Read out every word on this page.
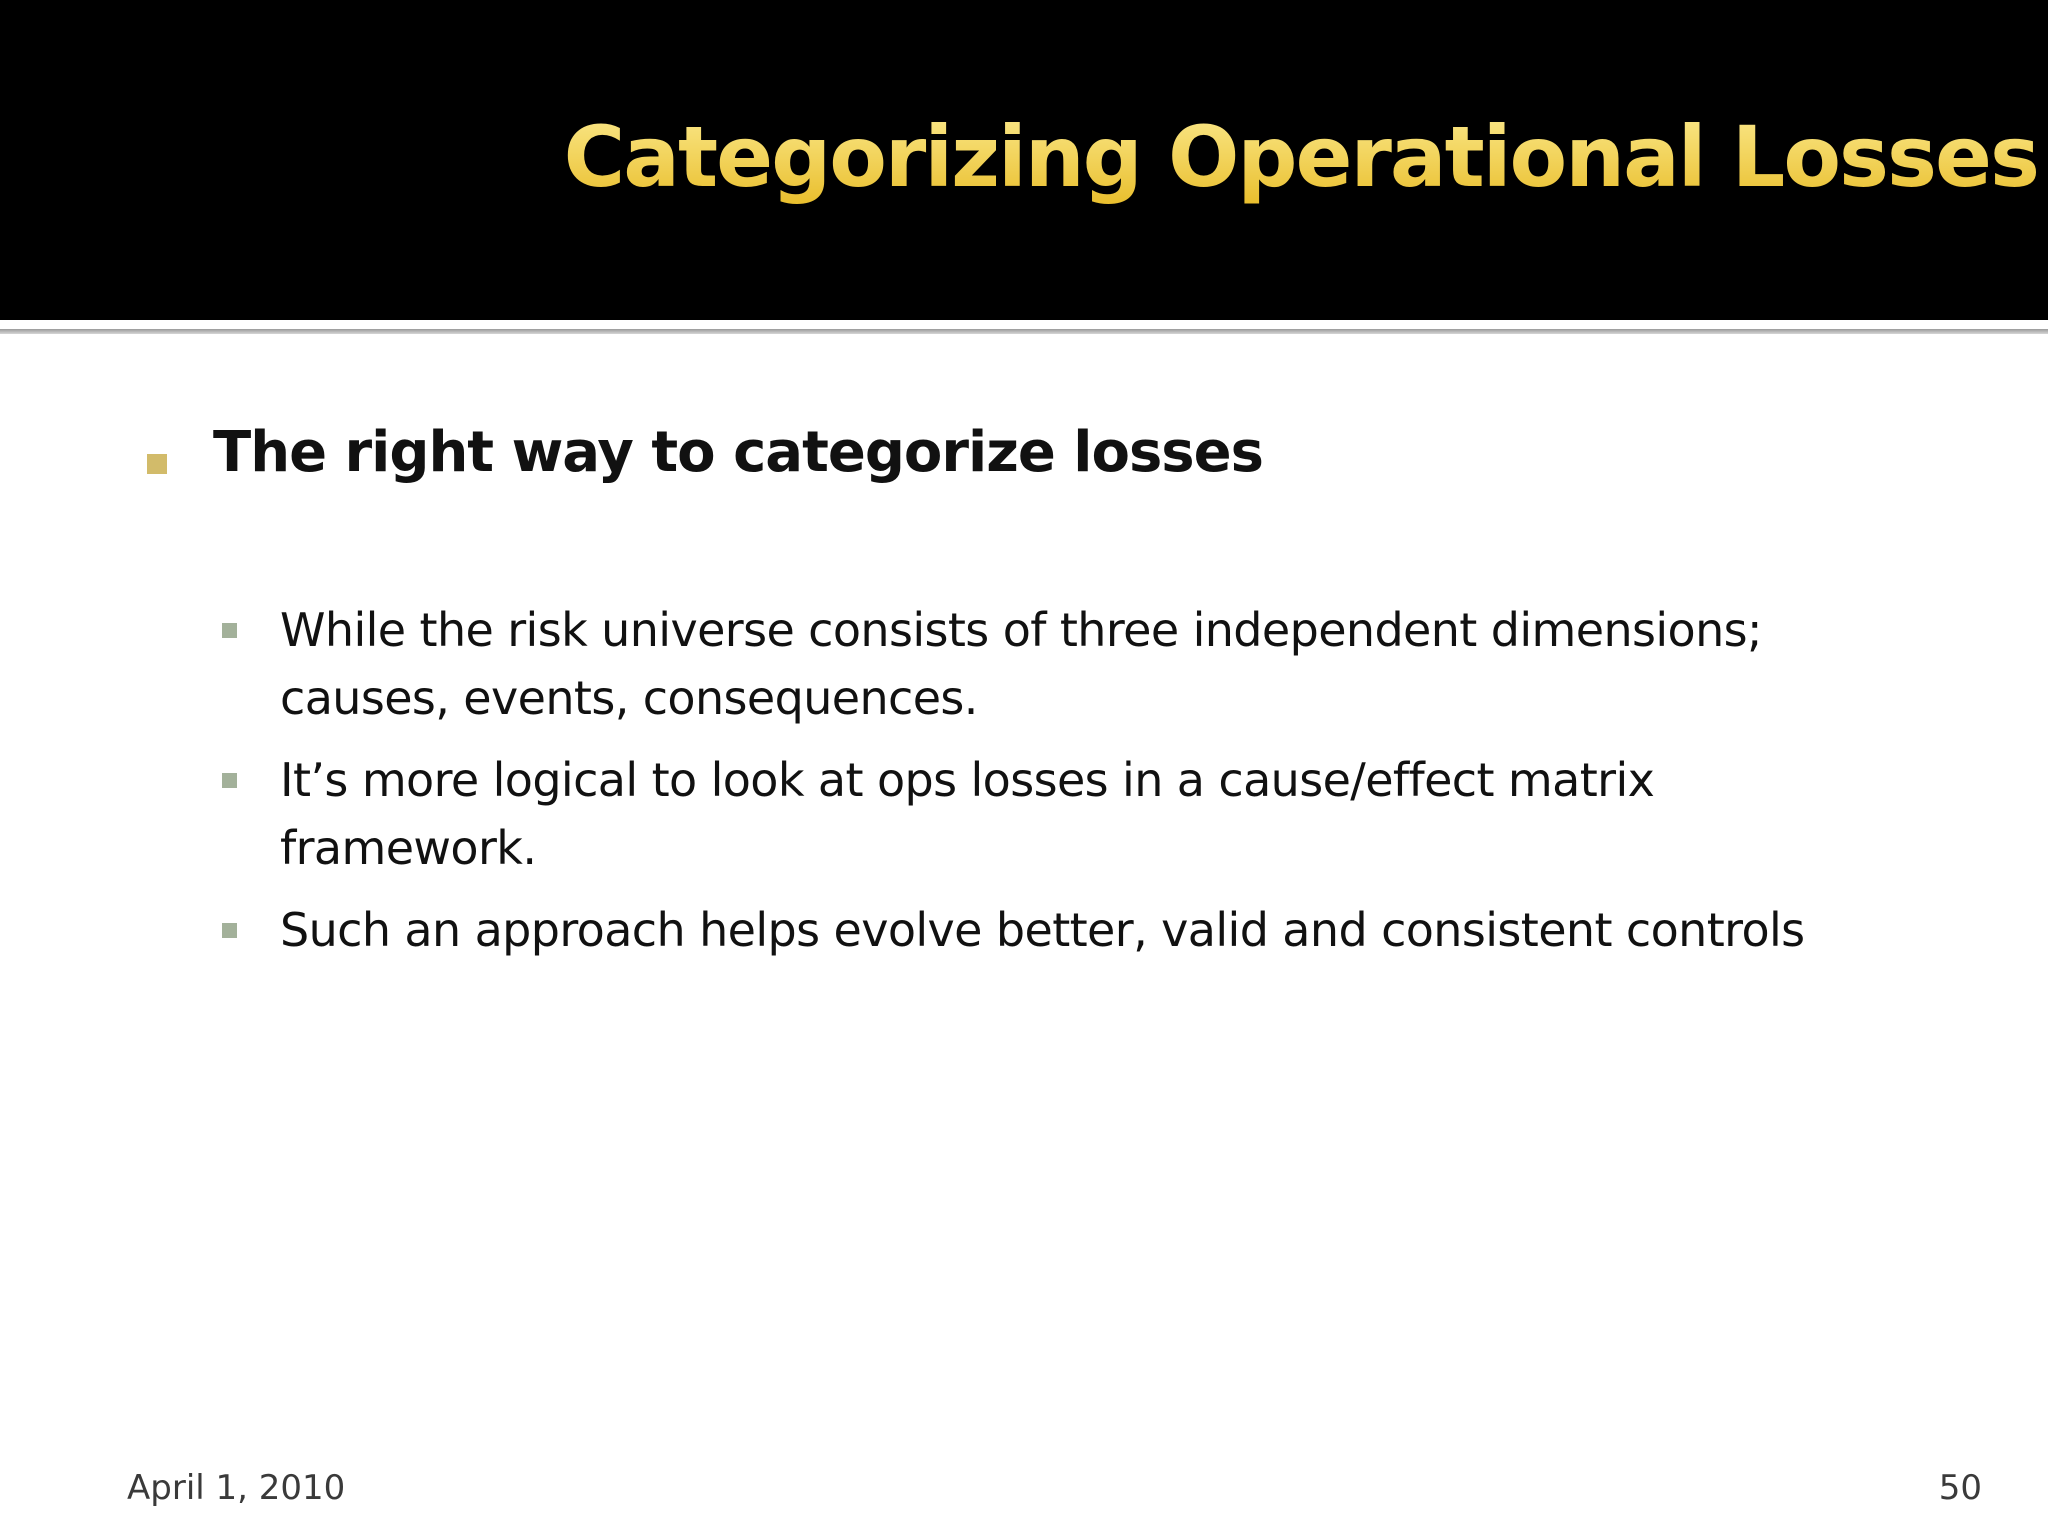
Categorizing Operational Losses
The right way to categorize losses
While the risk universe consists of three independent dimensions; causes, events, consequences.
It’s more logical to look at ops losses in a cause/effect matrix framework.
Such an approach helps evolve better, valid and consistent controls
April 1, 2010	50
